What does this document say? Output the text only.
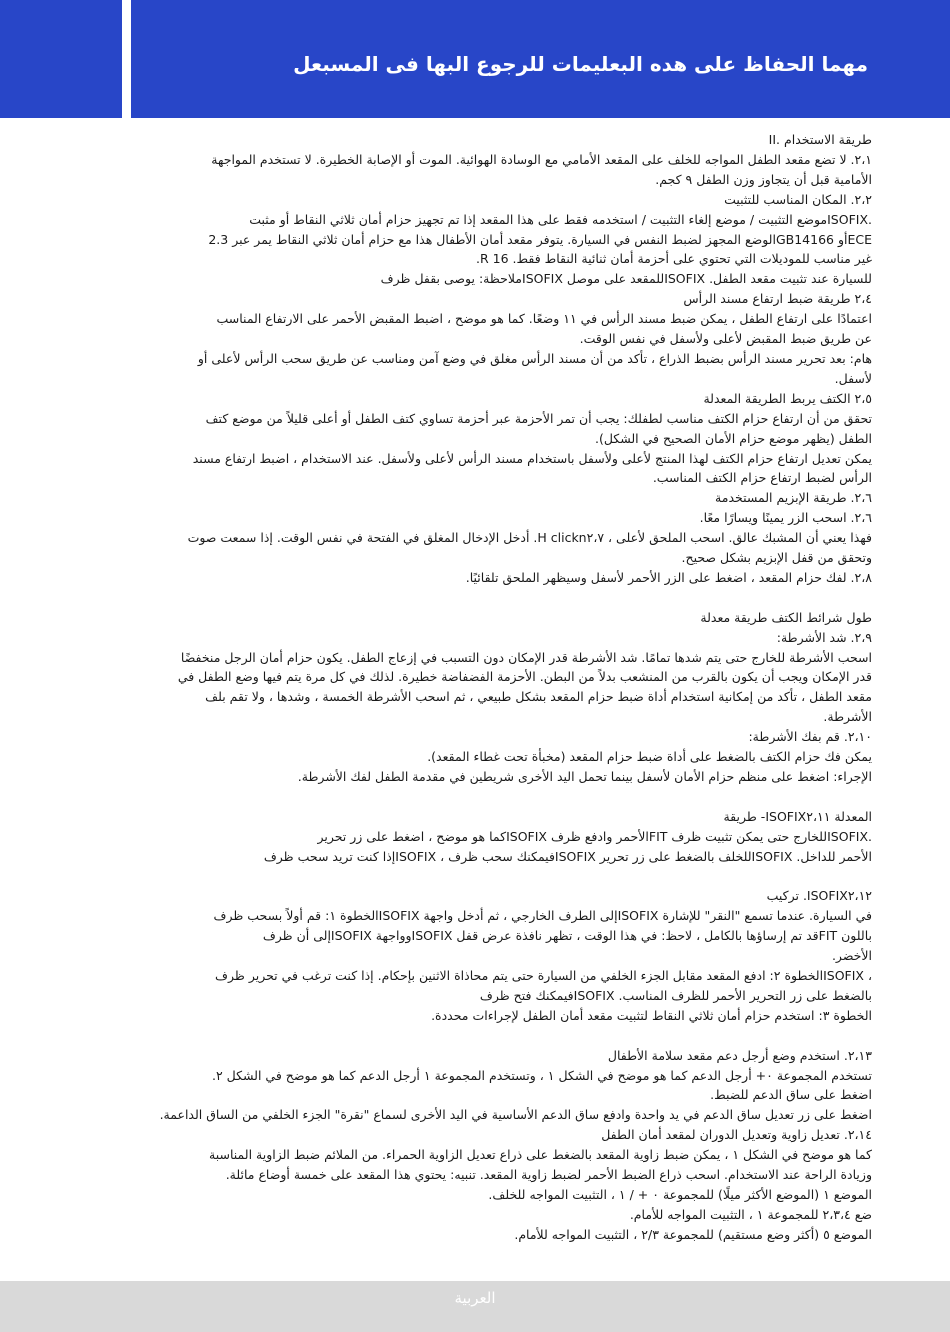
مهما الحفاظ على هده البعليمات للرجوع البها فى المسبعل
طريقة الاستخدام .II
٢،١. لا تضع مقعد الطفل المواجه للخلف على المقعد الأمامي مع الوسادة الهوائية. الموت أو الإصابة الخطيرة. لا تستخدم المواجهة
الأمامية قبل أن يتجاوز وزن الطفل ٩ كجم.
٢،٢. المكان المناسب للتثبيت
.ISOFIXموضع التثبيت / موضع إلغاء التثبيت / استخدمه فقط على هذا المقعد إذا تم تجهيز حزام أمان ثلاثي النقاط أو مثبت
ECEأو GB14166الوضع المجهز لضبط النفس في السيارة. يتوفر مقعد أمان الأطفال هذا مع حزام أمان ثلاثي النقاط يمر عبر 2.3
غير مناسب للموديلات التي تحتوي على أحزمة أمان ثنائية النقاط فقط. R 16.
للسيارة عند تثبيت مقعد الطفل. ISOFIXللمقعد على موصل ISOFIXملاحظة: يوصى بقفل ظرف
٢،٤ طريقة ضبط ارتفاع مسند الرأس
اعتمادًا على ارتفاع الطفل ، يمكن ضبط مسند الرأس في ١١ وضعًا. كما هو موضح ، اضبط المقبض الأحمر على الارتفاع المناسب
عن طريق ضبط المقبض لأعلى ولأسفل في نفس الوقت.
هام: بعد تحرير مسند الرأس بضبط الذراع ، تأكد من أن مسند الرأس مغلق في وضع آمن ومناسب عن طريق سحب الرأس لأعلى أو
لأسفل.
٢،٥ الكتف يربط الطريقة المعدلة
تحقق من أن ارتفاع حزام الكتف مناسب لطفلك: يجب أن تمر الأحزمة عبر أحزمة تساوي كتف الطفل أو أعلى قليلاً من موضع كتف
الطفل (يظهر موضع حزام الأمان الصحيح في الشكل).
يمكن تعديل ارتفاع حزام الكتف لهذا المنتج لأعلى ولأسفل باستخدام مسند الرأس لأعلى ولأسفل. عند الاستخدام ، اضبط ارتفاع مسند
الرأس لضبط ارتفاع حزام الكتف المناسب.
٢،٦. طريقة الإبزيم المستخدمة
٢،٦. اسحب الزر يمينًا ويسارًا معًا.
فهذا يعني أن المشبك عالق. اسحب الملحق لأعلى ، H clickn٢،٧. أدخل الإدخال المغلق في الفتحة في نفس الوقت. إذا سمعت صوت
وتحقق من قفل الإبزيم بشكل صحيح.
٢،٨. لفك حزام المقعد ، اضغط على الزر الأحمر لأسفل وسيظهر الملحق تلقائيًا.
طول شرائط الكتف طريقة معدلة
٢،٩. شد الأشرطة:
اسحب الأشرطة للخارج حتى يتم شدها تمامًا. شد الأشرطة قدر الإمكان دون التسبب في إزعاج الطفل. يكون حزام أمان الرجل منخفضًا
قدر الإمكان ويجب أن يكون بالقرب من المنشعب بدلاً من البطن. الأحزمة الفضفاضة خطيرة. لذلك في كل مرة يتم فيها وضع الطفل في
مقعد الطفل ، تأكد من إمكانية استخدام أداة ضبط حزام المقعد بشكل طبيعي ، ثم اسحب الأشرطة الخمسة ، وشدها ، ولا تقم بلف
الأشرطة.
٢،١٠. قم بفك الأشرطة:
يمكن فك حزام الكتف بالضغط على أداة ضبط حزام المقعد (مخبأة تحت غطاء المقعد).
الإجراء: اضغط على منظم حزام الأمان لأسفل بينما تحمل اليد الأخرى شريطين في مقدمة الطفل لفك الأشرطة.
المعدلة ISOFIX٢،١١- طريقة
.ISOFIXللخارج حتى يمكن تثبيت ظرف FITالأحمر وادفع ظرف ISOFIXكما هو موضح ، اضغط على زر تحرير
الأحمر للداخل. ISOFIXللخلف بالضغط على زر تحرير ISOFIXفيمكنك سحب ظرف ، ISOFIXإذا كنت تريد سحب ظرف
ISOFIX٢،١٢. تركيب
في السيارة. عندما تسمع "النقر" للإشارة ISOFIXإلى الطرف الخارجي ، ثم أدخل واجهة ISOFIXالخطوة ١: قم أولاً بسحب ظرف
باللون FITقد تم إرساؤها بالكامل ، لاحظ: في هذا الوقت ، تظهر نافذة عرض قفل ISOFIXوواجهة ISOFIXإلى أن ظرف
الأخضر.
، ISOFIXالخطوة ٢: ادفع المقعد مقابل الجزء الخلفي من السيارة حتى يتم محاذاة الاثنين بإحكام. إذا كنت ترغب في تحرير ظرف
بالضغط على زر التحرير الأحمر للظرف المناسب. ISOFIXفيمكنك فتح ظرف
الخطوة ٣: استخدم حزام أمان ثلاثي النقاط لتثبيت مقعد أمان الطفل لإجراءات محددة.
٢،١٣. استخدم وضع أرجل دعم مقعد سلامة الأطفال
تستخدم المجموعة ٠+ أرجل الدعم كما هو موضح في الشكل ١ ، وتستخدم المجموعة ١ أرجل الدعم كما هو موضح في الشكل ٢.
اضغط على ساق الدعم للضبط.
اضغط على زر تعديل ساق الدعم في يد واحدة وادفع ساق الدعم الأساسية في اليد الأخرى لسماع "نقرة" الجزء الخلفي من الساق الداعمة.
٢،١٤. تعديل زاوية وتعديل الدوران لمقعد أمان الطفل
كما هو موضح في الشكل ١ ، يمكن ضبط زاوية المقعد بالضغط على ذراع تعديل الزاوية الحمراء. من الملائم ضبط الزاوية المناسبة
وزيادة الراحة عند الاستخدام. اسحب ذراع الضبط الأحمر لضبط زاوية المقعد. تنبيه: يحتوي هذا المقعد على خمسة أوضاع مائلة.
الموضع ١ (الموضع الأكثر ميلًا) للمجموعة ٠ + / ١ ، التثبيت المواجه للخلف.
ضع ٢،٣،٤ للمجموعة ١ ، التثبيت المواجه للأمام.
الموضع ٥ (أكثر وضع مستقيم) للمجموعة ٢/٣ ، التثبيت المواجه للأمام.
العربية
